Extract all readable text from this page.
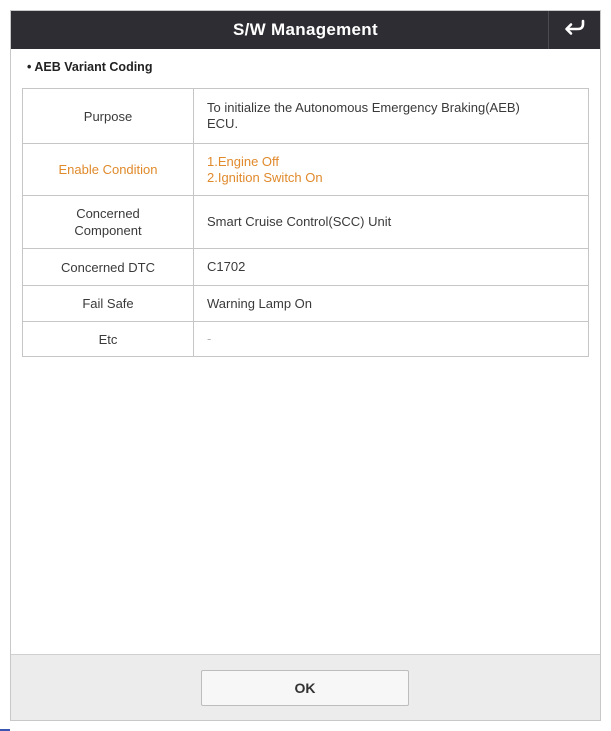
S/W Management
• AEB Variant Coding
Purpose	To initialize the Autonomous Emergency Braking(AEB)
ECU.

Enable Condition	1.Engine Off
2.Ignition Switch On

Concerned
Component	Smart Cruise Control(SCC) Unit
Concerned DTC	C1702
Fail Safe	Warning Lamp On
Etc	-
OK
